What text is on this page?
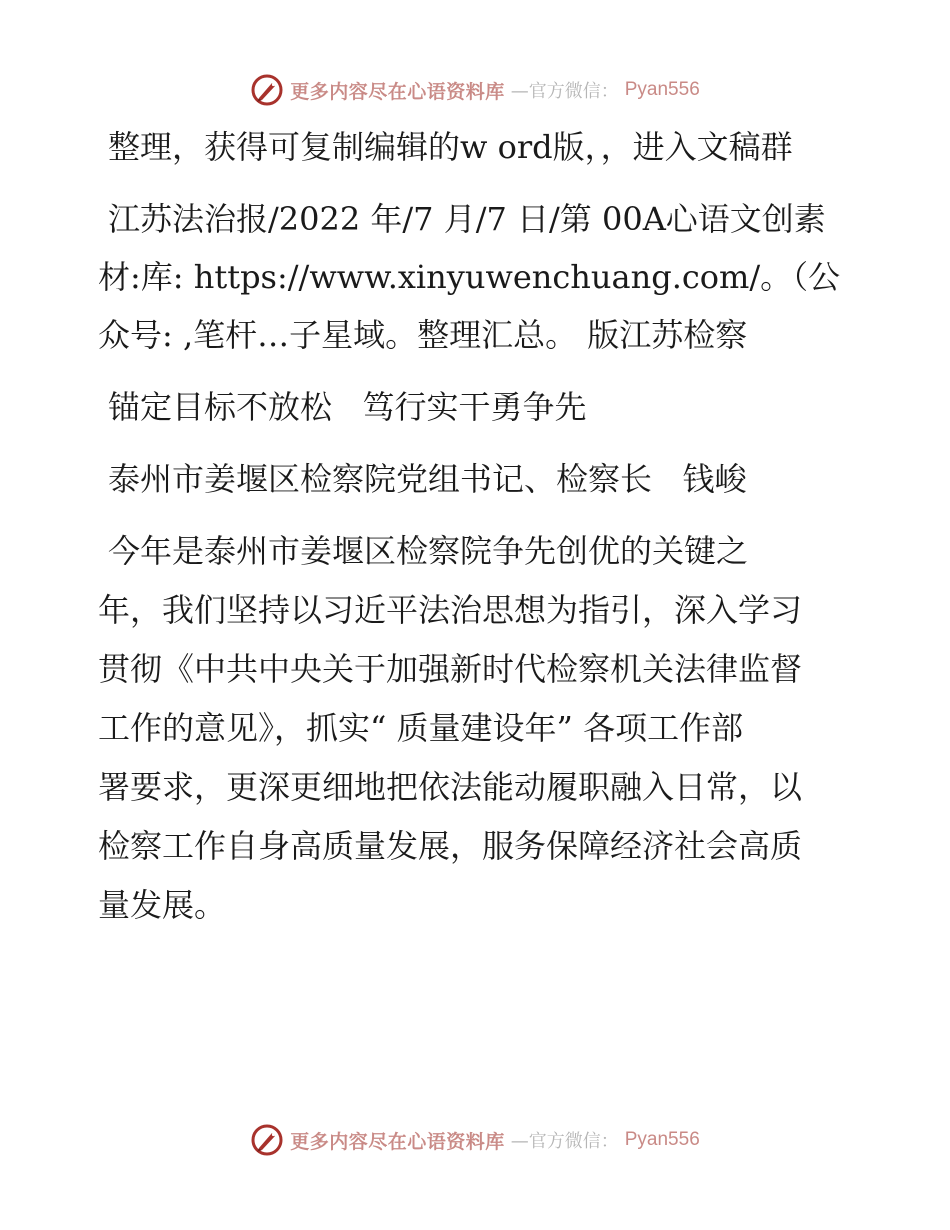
更多内容尽在心语资料库 —官方微信： Pyan556

整理，获得可复制编辑的w ord版，，进入文稿群

江苏法治报/2022 年/7 月/7 日/第 00A心语文创素材:库: https://www.xinyuwenchuang.com/。（公众号: ,笔杆…子星域。整理汇总。 版江苏检察

锚定目标不放松   笃行实干勇争先

泰州市姜堰区检察院党组书记、检察长   钱峻

今年是泰州市姜堰区检察院争先创优的关键之

年，我们坚持以习近平法治思想为指引，深入学习

贯彻《中共中央关于加强新时代检察机关法律监督

工作的意见》，抓实“ 质量建设年” 各项工作部

署要求，更深更细地把依法能动履职融入日常，以

检察工作自身高质量发展，服务保障经济社会高质

量发展。

更多内容尽在心语资料库 —官方微信： Pyan556
